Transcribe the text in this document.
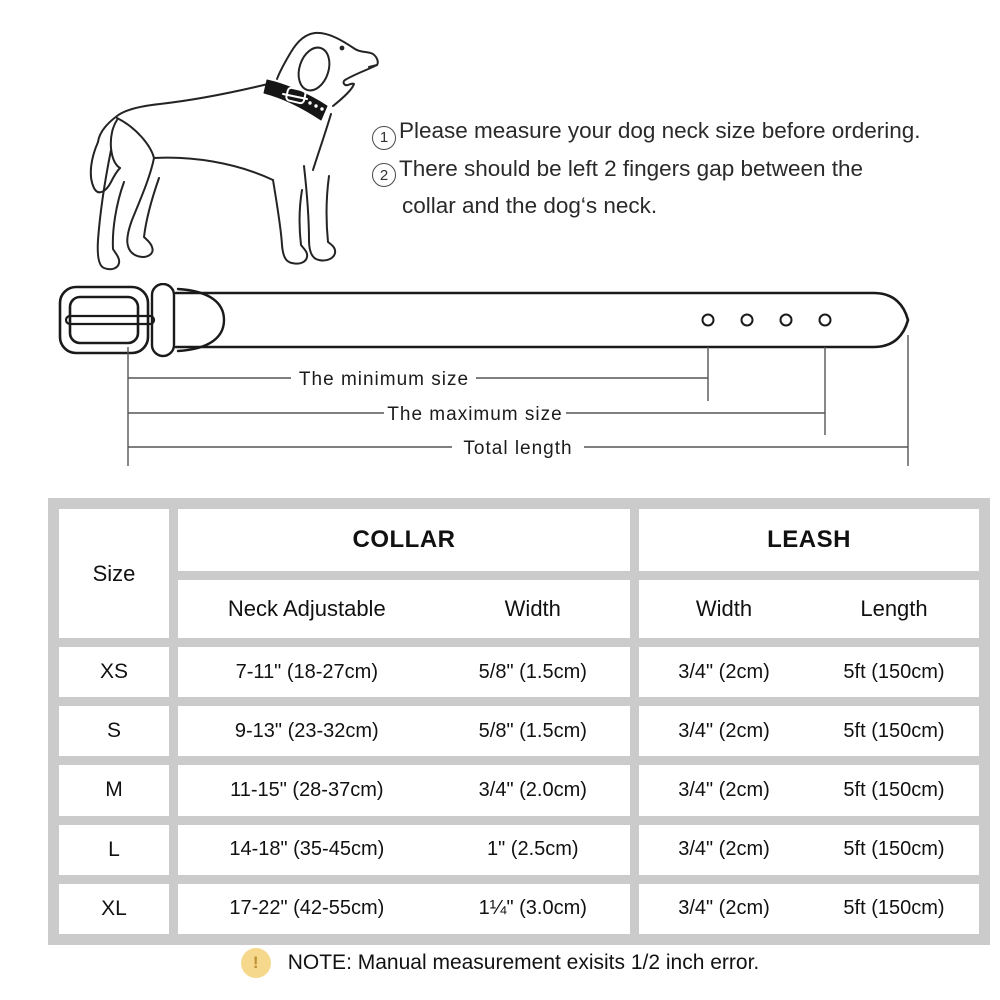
1 Please measure your dog neck size before ordering.
2 There should be left 2 fingers gap between the
collar and the dog‘s neck.
The minimum size
The maximum size
Total length
Size
COLLAR	LEASH
Neck Adjustable	Width	Width	Length
XS	7-11" (18-27cm)	5/8" (1.5cm)	3/4" (2cm)	5ft (150cm)
S	9-13" (23-32cm)	5/8" (1.5cm)	3/4" (2cm)	5ft (150cm)
M	11-15" (28-37cm)	3/4" (2.0cm)	3/4" (2cm)	5ft (150cm)
L	14-18" (35-45cm)	1" (2.5cm)	3/4" (2cm)	5ft (150cm)
XL	17-22" (42-55cm)	1¼" (3.0cm)	3/4" (2cm)	5ft (150cm)
!	NOTE: Manual measurement exisits 1/2 inch error.
